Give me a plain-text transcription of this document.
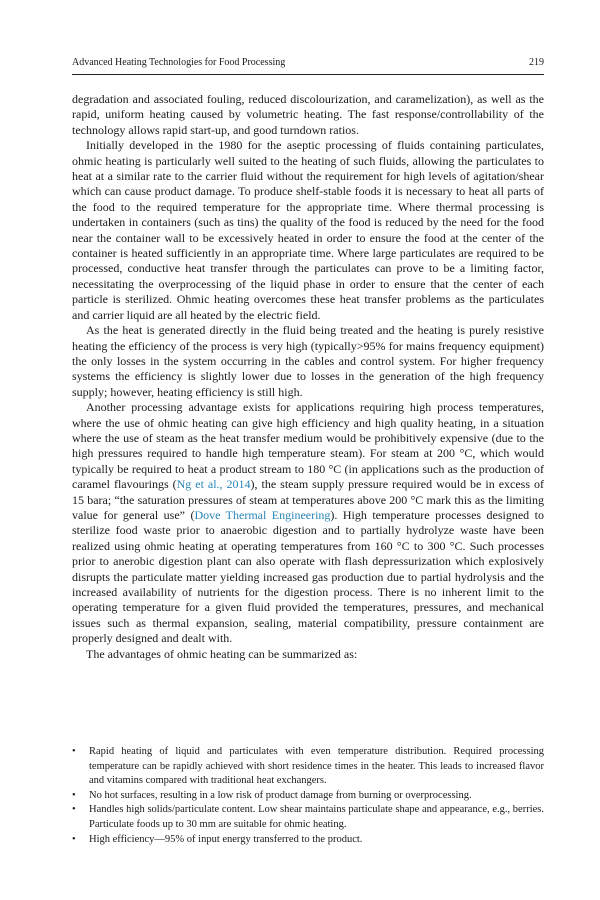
Advanced Heating Technologies for Food Processing	219

degradation and associated fouling, reduced discolourization, and caramelization), as well as the rapid, uniform heating caused by volumetric heating. The fast response/controllability of the technology allows rapid start-up, and good turndown ratios.

Initially developed in the 1980 for the aseptic processing of fluids containing particulates, ohmic heating is particularly well suited to the heating of such fluids, allowing the particulates to heat at a similar rate to the carrier fluid without the requirement for high levels of agitation/shear which can cause product damage. To produce shelf-stable foods it is necessary to heat all parts of the food to the required temperature for the appropriate time. Where thermal processing is undertaken in containers (such as tins) the quality of the food is reduced by the need for the food near the container wall to be excessively heated in order to ensure the food at the center of the container is heated sufficiently in an appropriate time. Where large particulates are required to be processed, conductive heat transfer through the particulates can prove to be a limiting factor, necessitating the overprocessing of the liquid phase in order to ensure that the center of each particle is sterilized. Ohmic heating overcomes these heat transfer problems as the particulates and carrier liquid are all heated by the electric field.

As the heat is generated directly in the fluid being treated and the heating is purely resistive heating the efficiency of the process is very high (typically>95% for mains frequency equipment) the only losses in the system occurring in the cables and control system. For higher frequency systems the efficiency is slightly lower due to losses in the generation of the high frequency supply; however, heating efficiency is still high.

Another processing advantage exists for applications requiring high process temperatures, where the use of ohmic heating can give high efficiency and high quality heating, in a situation where the use of steam as the heat transfer medium would be prohibitively expensive (due to the high pressures required to handle high temperature steam). For steam at 200 °C, which would typically be required to heat a product stream to 180 °C (in applications such as the production of caramel flavourings (Ng et al., 2014), the steam supply pressure required would be in excess of 15 bara; “the saturation pressures of steam at temperatures above 200 °C mark this as the limiting value for general use” (Dove Thermal Engineering). High temperature processes designed to sterilize food waste prior to anaerobic digestion and to partially hydrolyze waste have been realized using ohmic heating at operating temperatures from 160 °C to 300 °C. Such processes prior to anerobic digestion plant can also operate with flash depressurization which explosively disrupts the particulate matter yielding increased gas production due to partial hydrolysis and the increased availability of nutrients for the digestion process. There is no inherent limit to the operating temperature for a given fluid provided the temperatures, pressures, and mechanical issues such as thermal expansion, sealing, material compatibility, pressure containment are properly designed and dealt with.

The advantages of ohmic heating can be summarized as:

•	Rapid heating of liquid and particulates with even temperature distribution. Required processing temperature can be rapidly achieved with short residence times in the heater. This leads to increased flavor and vitamins compared with traditional heat exchangers.
•	No hot surfaces, resulting in a low risk of product damage from burning or overprocessing.
•	Handles high solids/particulate content. Low shear maintains particulate shape and appearance, e.g., berries. Particulate foods up to 30 mm are suitable for ohmic heating.
•	High efficiency—95% of input energy transferred to the product.
